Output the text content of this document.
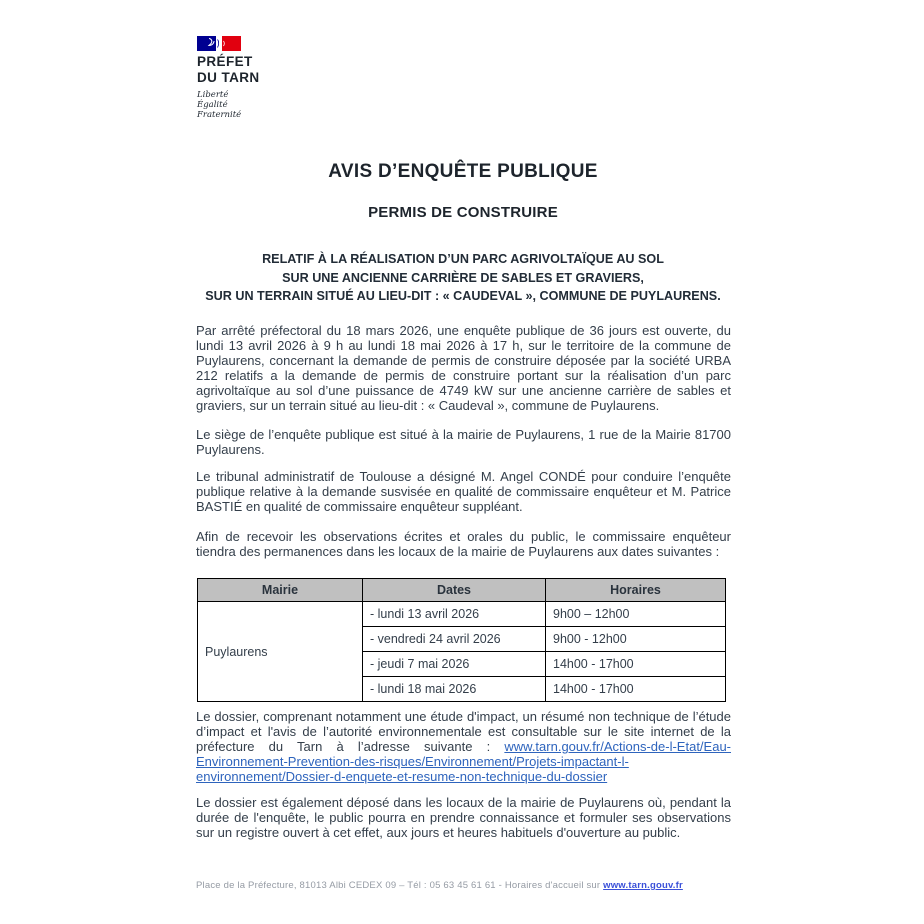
PRÉFET
DU TARN
Liberté
Égalité
Fraternité
AVIS D’ENQUÊTE PUBLIQUE
PERMIS DE CONSTRUIRE
RELATIF À LA RÉALISATION D’UN PARC AGRIVOLTAÏQUE AU SOL
SUR UNE ANCIENNE CARRIÈRE DE SABLES ET GRAVIERS,
SUR UN TERRAIN SITUÉ AU LIEU-DIT : « CAUDEVAL », COMMUNE DE PUYLAURENS.

Par arrêté préfectoral du 18 mars 2026, une enquête publique de 36 jours est ouverte, du lundi 13 avril 2026 à 9 h au lundi 18 mai 2026 à 17 h, sur le territoire de la commune de Puylaurens, concernant la demande de permis de construire déposée par la société URBA 212 relatifs a la demande de permis de construire portant sur la réalisation d’un parc agrivoltaïque au sol d’une puissance de 4749 kW sur une ancienne carrière de sables et graviers, sur un terrain situé au lieu-dit : « Caudeval », commune de Puylaurens.

Le siège de l’enquête publique est situé à la mairie de Puylaurens, 1 rue de la Mairie 81700 Puylaurens.

Le tribunal administratif de Toulouse a désigné M. Angel CONDÉ pour conduire l’enquête publique relative à la demande susvisée en qualité de commissaire enquêteur et M. Patrice BASTIÉ en qualité de commissaire enquêteur suppléant.

Afin de recevoir les observations écrites et orales du public, le commissaire enquêteur tiendra des permanences dans les locaux de la mairie de Puylaurens aux dates suivantes :

Mairie	Dates	Horaires
Puylaurens	- lundi 13 avril 2026	9h00 – 12h00
	- vendredi 24 avril 2026	9h00 - 12h00
	- jeudi 7 mai 2026	14h00 - 17h00
	- lundi 18 mai 2026	14h00 - 17h00

Le dossier, comprenant notamment une étude d'impact, un résumé non technique de l’étude d’impact et l'avis de l’autorité environnementale est consultable sur le site internet de la préfecture du Tarn à l’adresse suivante : www.tarn.gouv.fr/Actions-de-l-Etat/Eau-Environnement-Prevention-des-risques/Environnement/Projets-impactant-l-environnement/Dossier-d-enquete-et-resume-non-technique-du-dossier

Le dossier est également déposé dans les locaux de la mairie de Puylaurens où, pendant la durée de l'enquête, le public pourra en prendre connaissance et formuler ses observations sur un registre ouvert à cet effet, aux jours et heures habituels d'ouverture au public.

Place de la Préfecture, 81013 Albi CEDEX 09 – Tél : 05 63 45 61 61 - Horaires d'accueil sur www.tarn.gouv.fr
